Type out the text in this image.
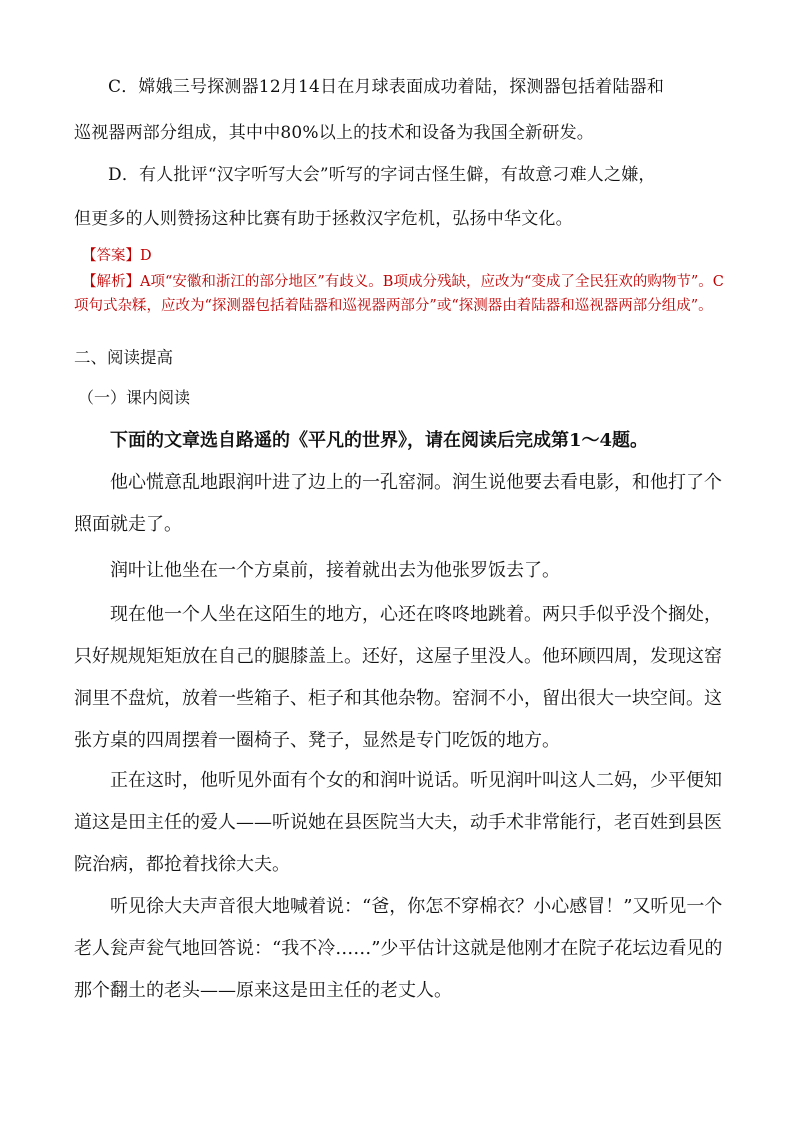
C．嫦娥三号探测器12月14日在月球表面成功着陆，探测器包括着陆器和

巡视器两部分组成，其中中80%以上的技术和设备为我国全新研发。

D．有人批评“汉字听写大会”听写的字词古怪生僻，有故意刁难人之嫌，

但更多的人则赞扬这种比赛有助于拯救汉字危机，弘扬中华文化。

【答案】D

【解析】A项“安徽和浙江的部分地区”有歧义。B项成分残缺，应改为“变成了全民狂欢的购物节”。C项句式杂糅，应改为“探测器包括着陆器和巡视器两部分”或“探测器由着陆器和巡视器两部分组成”。

二、阅读提高

（一）课内阅读

下面的文章选自路遥的《平凡的世界》，请在阅读后完成第1～4题。

他心慌意乱地跟润叶进了边上的一孔窑洞。润生说他要去看电影，和他打了个照面就走了。

润叶让他坐在一个方桌前，接着就出去为他张罗饭去了。

现在他一个人坐在这陌生的地方，心还在咚咚地跳着。两只手似乎没个搁处，只好规规矩矩放在自己的腿膝盖上。还好，这屋子里没人。他环顾四周，发现这窑洞里不盘炕，放着一些箱子、柜子和其他杂物。窑洞不小，留出很大一块空间。这张方桌的四周摆着一圈椅子、凳子，显然是专门吃饭的地方。

正在这时，他听见外面有个女的和润叶说话。听见润叶叫这人二妈，少平便知道这是田主任的爱人——听说她在县医院当大夫，动手术非常能行，老百姓到县医院治病，都抢着找徐大夫。

听见徐大夫声音很大地喊着说：“爸，你怎不穿棉衣？小心感冒！”又听见一个老人瓮声瓮气地回答说：“我不冷……”少平估计这就是他刚才在院子花坛边看见的那个翻土的老头——原来这是田主任的老丈人。
